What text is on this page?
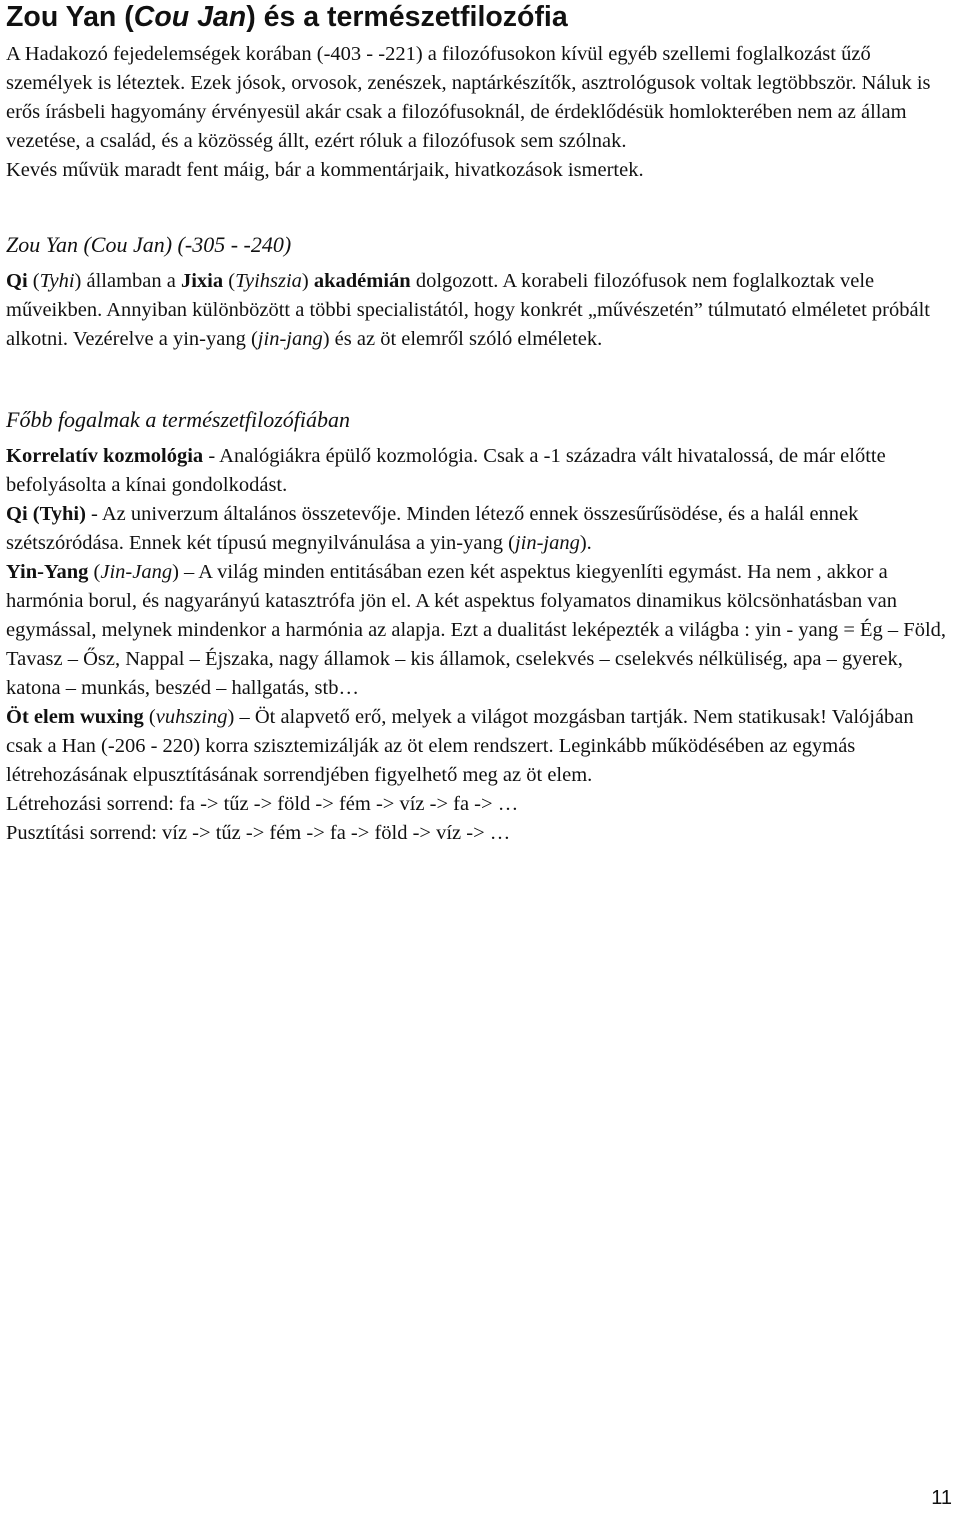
Zou Yan (Cou Jan) és a természetfilozófia

A Hadakozó fejedelemségek korában (-403 - -221) a filozófusokon kívül egyéb szellemi foglalkozást űző személyek is léteztek. Ezek jósok, orvosok, zenészek, naptárkészítők, asztrológusok voltak legtöbbször. Náluk is erős írásbeli hagyomány érvényesül akár csak a filozófusoknál, de érdeklődésük homlokterében nem az állam vezetése, a család, és a közösség állt, ezért róluk a filozófusok sem szólnak.

Kevés művük maradt fent máig, bár a kommentárjaik, hivatkozások ismertek.

Zou Yan (Cou Jan) (-305 - -240)

Qi (Tyhi) államban a Jixia (Tyihszia) akadémián dolgozott. A korabeli filozófusok nem foglalkoztak vele műveikben. Annyiban különbözött a többi specialistától, hogy konkrét „művészetén” túlmutató elméletet próbált alkotni. Vezérelve a yin-yang (jin-jang) és az öt elemről szóló elméletek.

Főbb fogalmak a természetfilozófiában

Korrelatív kozmológia - Analógiákra épülő kozmológia. Csak a -1 századra vált hivatalossá, de már előtte befolyásolta a kínai gondolkodást.

Qi (Tyhi) - Az univerzum általános összetevője. Minden létező ennek összesűrűsödése, és a halál ennek szétszóródása. Ennek két típusú megnyilvánulása a yin-yang (jin-jang).

Yin-Yang (Jin-Jang) – A világ minden entitásában ezen két aspektus kiegyenlíti egymást. Ha nem , akkor a harmónia borul, és nagyarányú katasztrófa jön el. A két aspektus folyamatos dinamikus kölcsönhatásban van egymással, melynek mindenkor a harmónia az alapja. Ezt a dualitást leképezték a világba : yin - yang = Ég – Föld, Tavasz – Ősz, Nappal – Éjszaka, nagy államok – kis államok, cselekvés – cselekvés nélküliség, apa – gyerek, katona – munkás, beszéd – hallgatás, stb…

Öt elem wuxing (vuhszing) – Öt alapvető erő, melyek a világot mozgásban tartják. Nem statikusak! Valójában csak a Han (-206 - 220) korra szisztemizálják az öt elem rendszert. Leginkább működésében az egymás létrehozásának elpusztításának sorrendjében figyelhető meg az öt elem.

Létrehozási sorrend: fa -> tűz -> föld -> fém -> víz -> fa -> …

Pusztítási sorrend: víz -> tűz -> fém -> fa -> föld -> víz -> …

11
